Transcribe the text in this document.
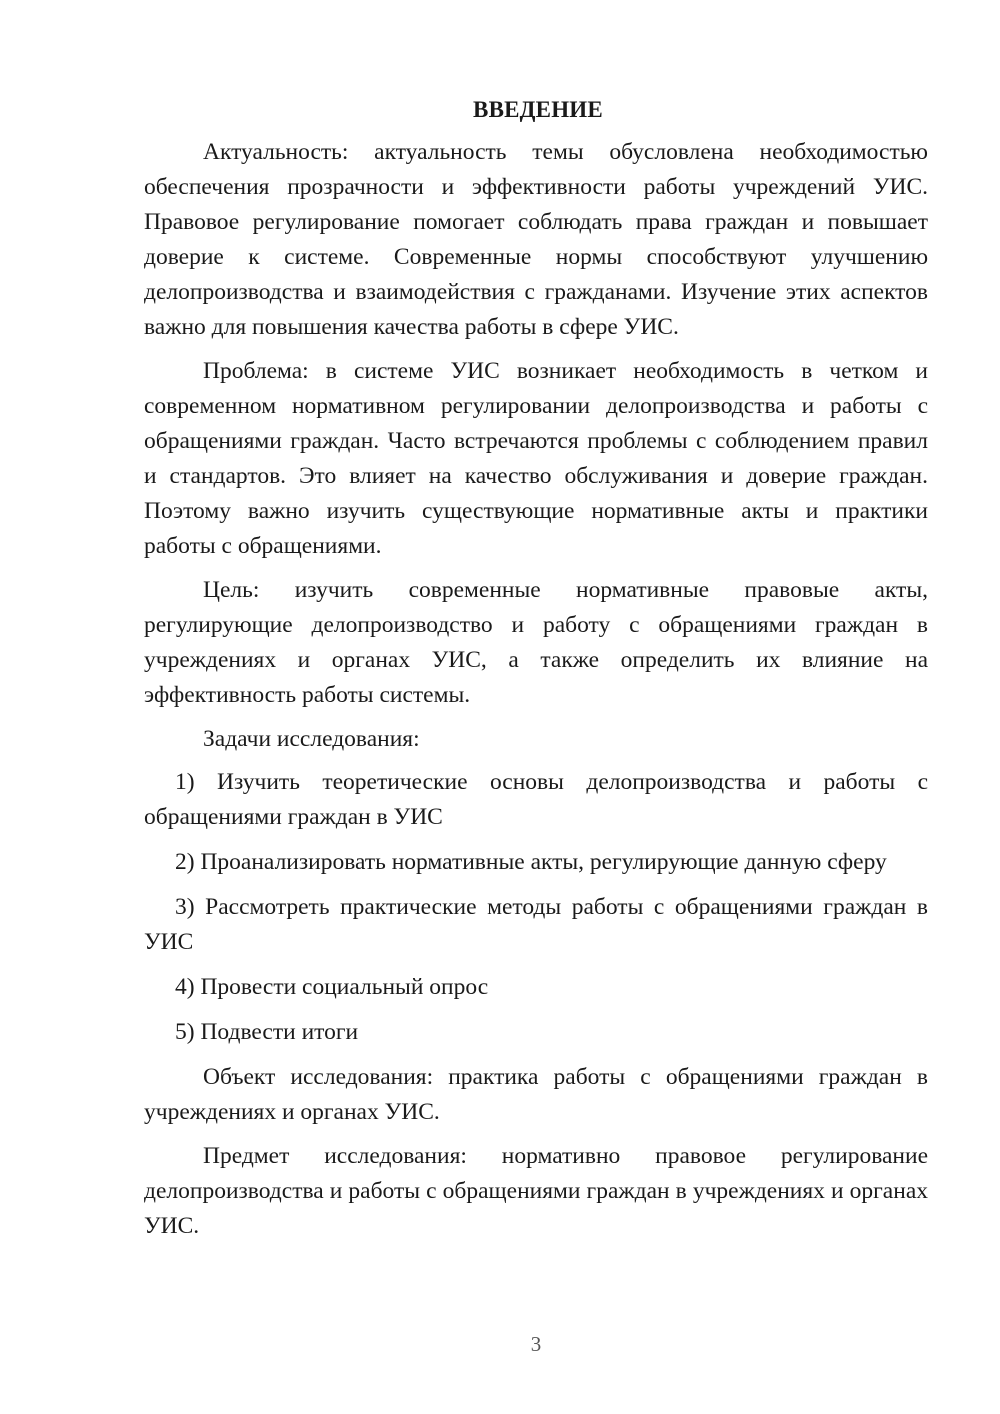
ВВЕДЕНИЕ

Актуальность: актуальность темы обусловлена необходимостью обеспечения прозрачности и эффективности работы учреждений УИС. Правовое регулирование помогает соблюдать права граждан и повышает доверие к системе. Современные нормы способствуют улучшению делопроизводства и взаимодействия с гражданами. Изучение этих аспектов важно для повышения качества работы в сфере УИС.

Проблема: в системе УИС возникает необходимость в четком и современном нормативном регулировании делопроизводства и работы с обращениями граждан. Часто встречаются проблемы с соблюдением правил и стандартов. Это влияет на качество обслуживания и доверие граждан. Поэтому важно изучить существующие нормативные акты и практики работы с обращениями.

Цель: изучить современные нормативные правовые акты, регулирующие делопроизводство и работу с обращениями граждан в учреждениях и органах УИС, а также определить их влияние на эффективность работы системы.

Задачи исследования:

1) Изучить теоретические основы делопроизводства и работы с обращениями граждан в УИС

2) Проанализировать нормативные акты, регулирующие данную сферу

3) Рассмотреть практические методы работы с обращениями граждан в УИС

4) Провести социальный опрос

5) Подвести итоги

Объект исследования: практика работы с обращениями граждан в учреждениях и органах УИС.

Предмет исследования: нормативно правовое регулирование делопроизводства и работы с обращениями граждан в учреждениях и органах УИС.

3
